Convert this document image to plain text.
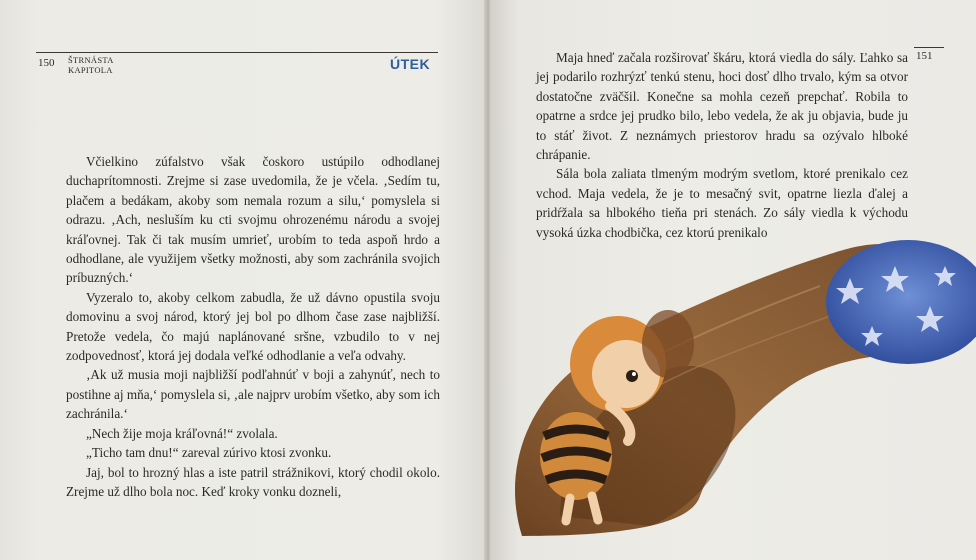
150 ŠTRNÁSTA
KAPITOLA	ÚTEK

Včielkino zúfalstvo však čoskoro ustúpilo odhodlanej duchaprítomnosti. Zrejme si zase uvedomila, že je včela. ‚Sedím tu, plačem a bedákam, akoby som nemala rozum a silu,‘ pomyslela si odrazu. ‚Ach, nesluším ku cti svojmu ohrozenému národu a svojej kráľovnej. Tak či tak musím umrieť, urobím to teda aspoň hrdo a odhodlane, ale využijem všetky možnosti, aby som zachránila svojich príbuzných.‘

Vyzeralo to, akoby celkom zabudla, že už dávno opustila svoju domovinu a svoj národ, ktorý jej bol po dlhom čase zase najbližší. Pretože vedela, čo majú naplánované sršne, vzbudilo to v nej zodpovednosť, ktorá jej dodala veľké odhodlanie a veľa odvahy.

‚Ak už musia moji najbližší podľahnúť v boji a zahynúť, nech to postihne aj mňa,‘ pomyslela si, ‚ale najprv urobím všetko, aby som ich zachránila.‘

„Nech žije moja kráľovná!“ zvolala.

„Ticho tam dnu!“ zareval zúrivo ktosi zvonku.

Jaj, bol to hrozný hlas a iste patril strážnikovi, ktorý chodil okolo. Zrejme už dlho bola noc. Keď kroky vonku dozneli,

151

Maja hneď začala rozširovať škáru, ktorá viedla do sály. Ľahko sa jej podarilo rozhrýzť tenkú stenu, hoci dosť dlho trvalo, kým sa otvor dostatočne zväčšil. Konečne sa mohla cezeň prepchať. Robila to opatrne a srdce jej prudko bilo, lebo vedela, že ak ju objavia, bude ju to stáť život. Z neznámych priestorov hradu sa ozývalo hlboké chrápanie.

Sála bola zaliata tlmeným modrým svetlom, ktoré prenikalo cez vchod. Maja vedela, že je to mesačný svit, opatrne liezla ďalej a pridŕžala sa hlbokého tieňa pri stenách. Zo sály viedla k východu vysoká úzka chodbička, cez ktorú prenikalo
